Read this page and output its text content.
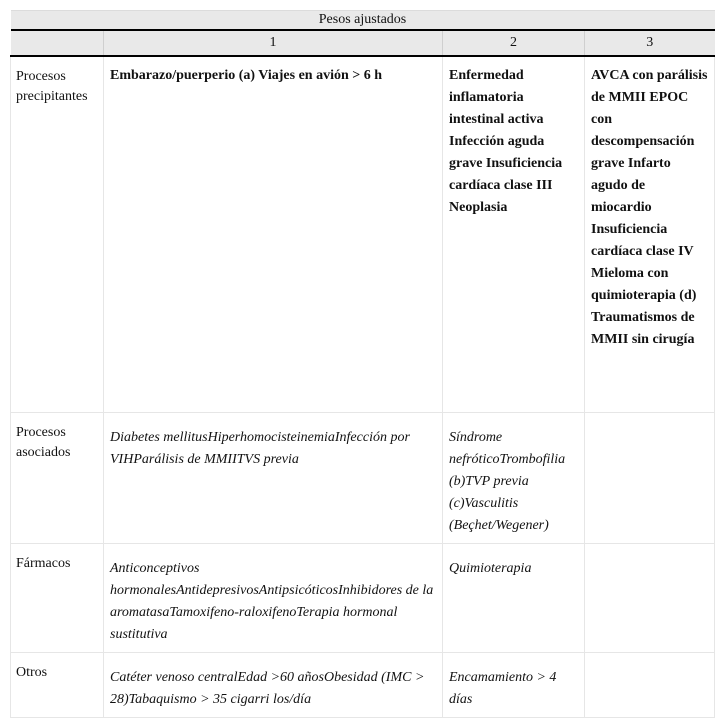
Pesos ajustados			
	1	2	3
Procesos precipitantes	Embarazo/puerperio (a) Viajes en avión > 6 h	Enfermedad inflamatoria intestinal activa Infección aguda grave Insuficiencia cardíaca clase III Neoplasia	AVCA con parálisis de MMII EPOC con descompensación grave Infarto agudo de miocardio Insuficiencia cardíaca clase IV Mieloma con quimioterapia (d) Traumatismos de MMII sin cirugía
Procesos asociados	Diabetes mellitusHiperhomocisteinemiaInfección por VIHParálisis de MMIITVS previa	Síndrome nefróticoTrombofilia (b)TVP previa (c)Vasculitis (Beçhet/Wegener)	
Fármacos	Anticonceptivos hormonalesAntidepresivosAntipsicóticosInhibidores de la aromatasaTamoxifeno-raloxifenoTerapia hormonal sustitutiva	Quimioterapia	
Otros	Catéter venoso centralEdad >60 añosObesidad (IMC > 28)Tabaquismo > 35 cigarri los/día	Encamamiento > 4 días	
